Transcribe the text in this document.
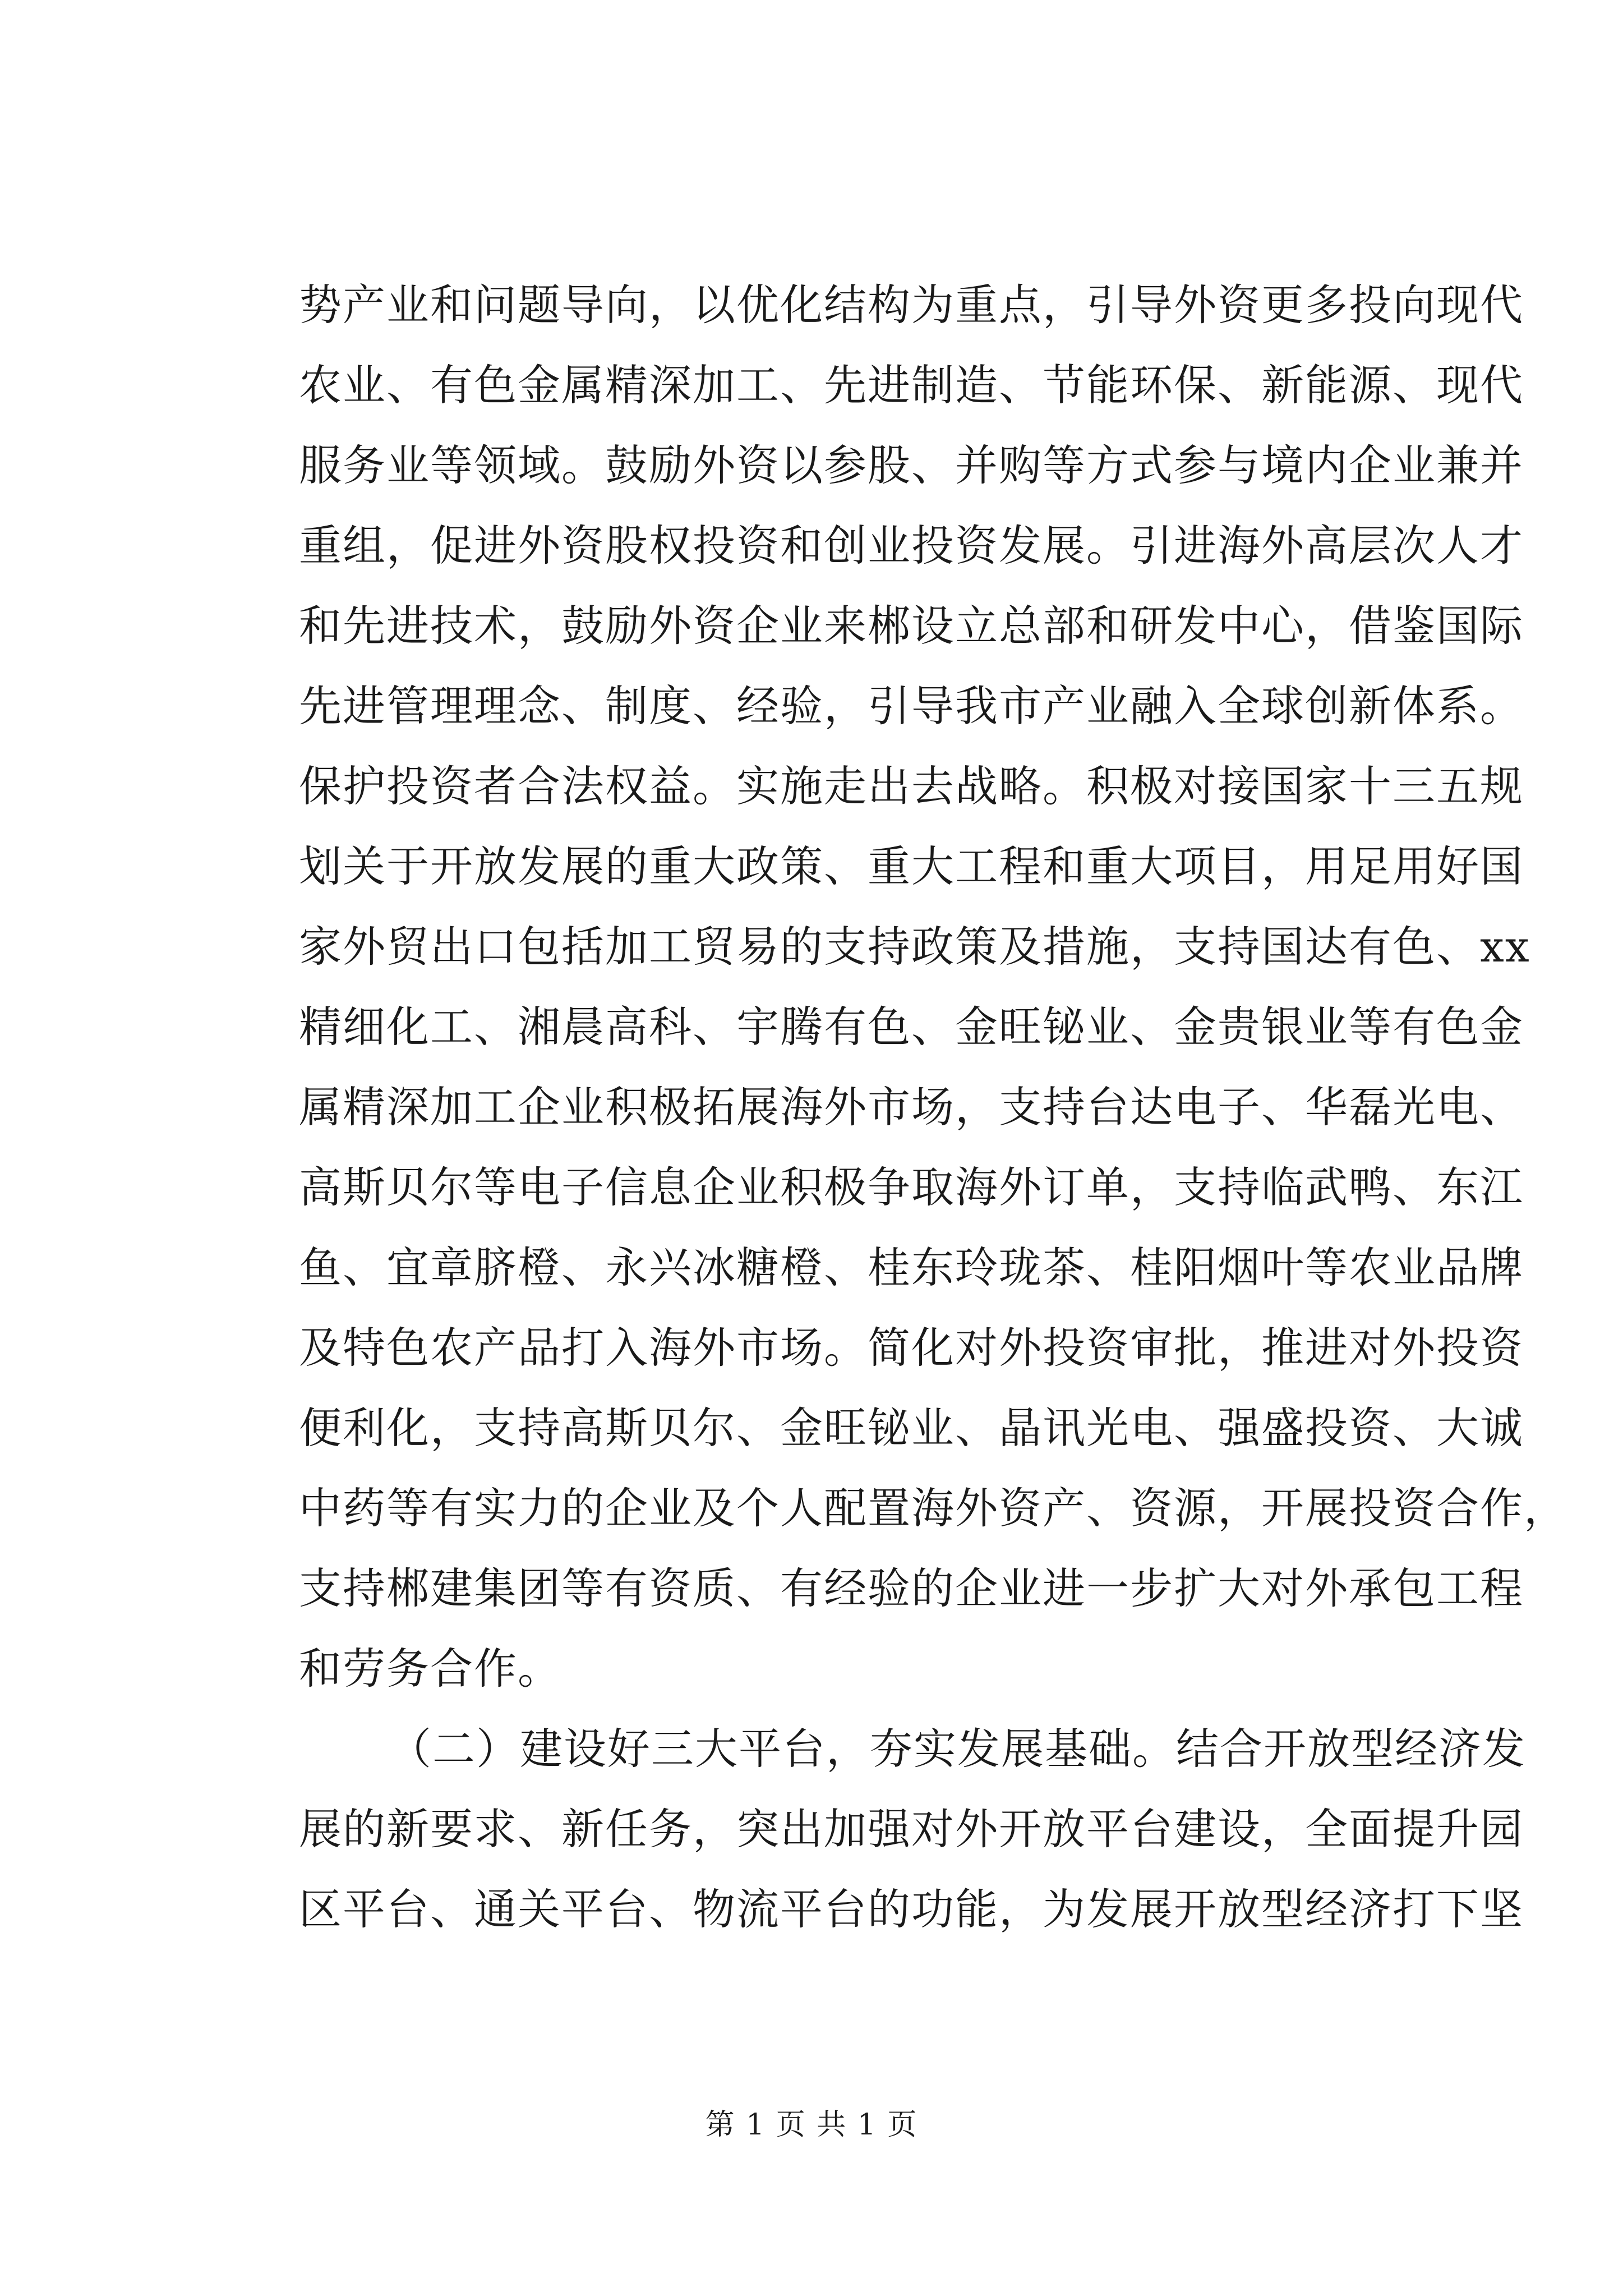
势产业和问题导向，以优化结构为重点，引导外资更多投向现代
农业、有色金属精深加工、先进制造、节能环保、新能源、现代
服务业等领域。鼓励外资以参股、并购等方式参与境内企业兼并
重组，促进外资股权投资和创业投资发展。引进海外高层次人才
和先进技术，鼓励外资企业来郴设立总部和研发中心，借鉴国际
先进管理理念、制度、经验，引导我市产业融入全球创新体系。
保护投资者合法权益。实施走出去战略。积极对接国家十三五规
划关于开放发展的重大政策、重大工程和重大项目，用足用好国
家外贸出口包括加工贸易的支持政策及措施，支持国达有色、xx
精细化工、湘晨高科、宇腾有色、金旺铋业、金贵银业等有色金
属精深加工企业积极拓展海外市场，支持台达电子、华磊光电、
高斯贝尔等电子信息企业积极争取海外订单，支持临武鸭、东江
鱼、宜章脐橙、永兴冰糖橙、桂东玲珑茶、桂阳烟叶等农业品牌
及特色农产品打入海外市场。简化对外投资审批，推进对外投资
便利化，支持高斯贝尔、金旺铋业、晶讯光电、强盛投资、大诚
中药等有实力的企业及个人配置海外资产、资源，开展投资合作，
支持郴建集团等有资质、有经验的企业进一步扩大对外承包工程
和劳务合作。
（二）建设好三大平台，夯实发展基础。结合开放型经济发
展的新要求、新任务，突出加强对外开放平台建设，全面提升园
区平台、通关平台、物流平台的功能，为发展开放型经济打下坚
第 1 页 共 1 页
